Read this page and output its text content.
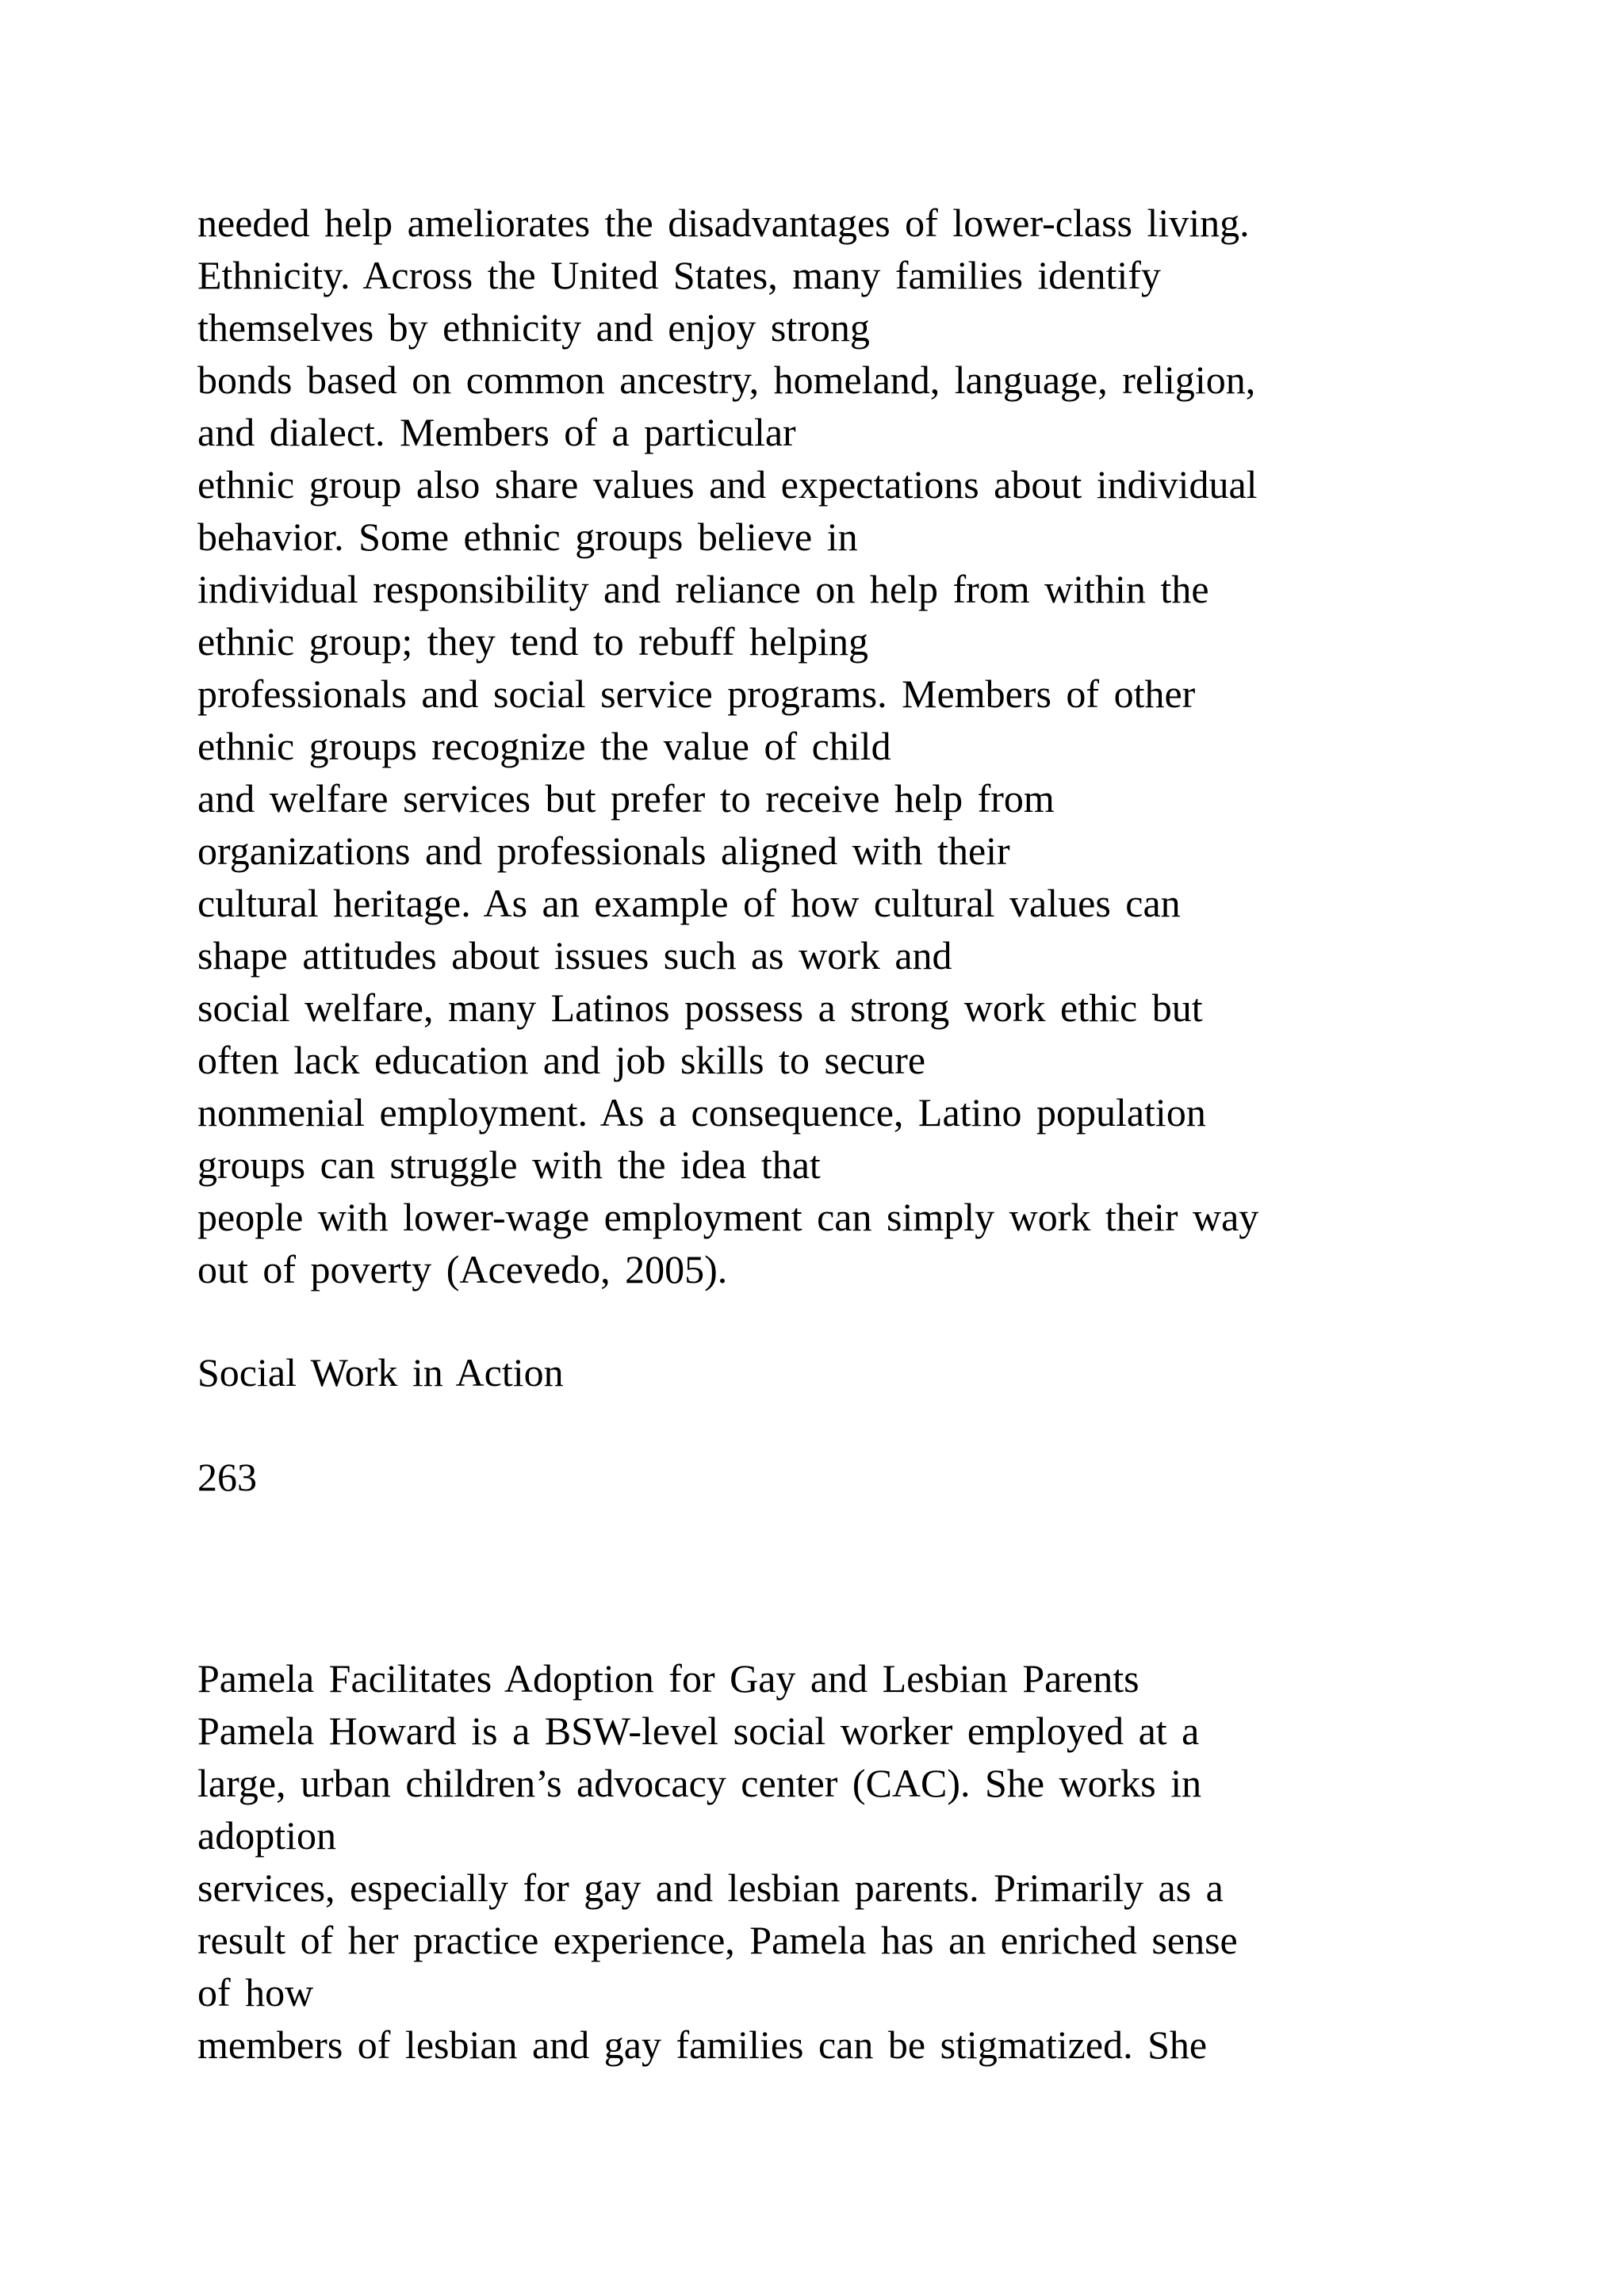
needed help ameliorates the disadvantages of lower-class living.
Ethnicity. Across the United States, many families identify
themselves by ethnicity and enjoy strong
bonds based on common ancestry, homeland, language, religion,
and dialect. Members of a particular
ethnic group also share values and expectations about individual
behavior. Some ethnic groups believe in
individual responsibility and reliance on help from within the
ethnic group; they tend to rebuff helping
professionals and social service programs. Members of other
ethnic groups recognize the value of child
and welfare services but prefer to receive help from
organizations and professionals aligned with their
cultural heritage. As an example of how cultural values can
shape attitudes about issues such as work and
social welfare, many Latinos possess a strong work ethic but
often lack education and job skills to secure
nonmenial employment. As a consequence, Latino population
groups can struggle with the idea that
people with lower-wage employment can simply work their way
out of poverty (Acevedo, 2005).
Social Work in Action
263
Pamela Facilitates Adoption for Gay and Lesbian Parents
Pamela Howard is a BSW-level social worker employed at a
large, urban children’s advocacy center (CAC). She works in
adoption
services, especially for gay and lesbian parents. Primarily as a
result of her practice experience, Pamela has an enriched sense
of how
members of lesbian and gay families can be stigmatized. She
